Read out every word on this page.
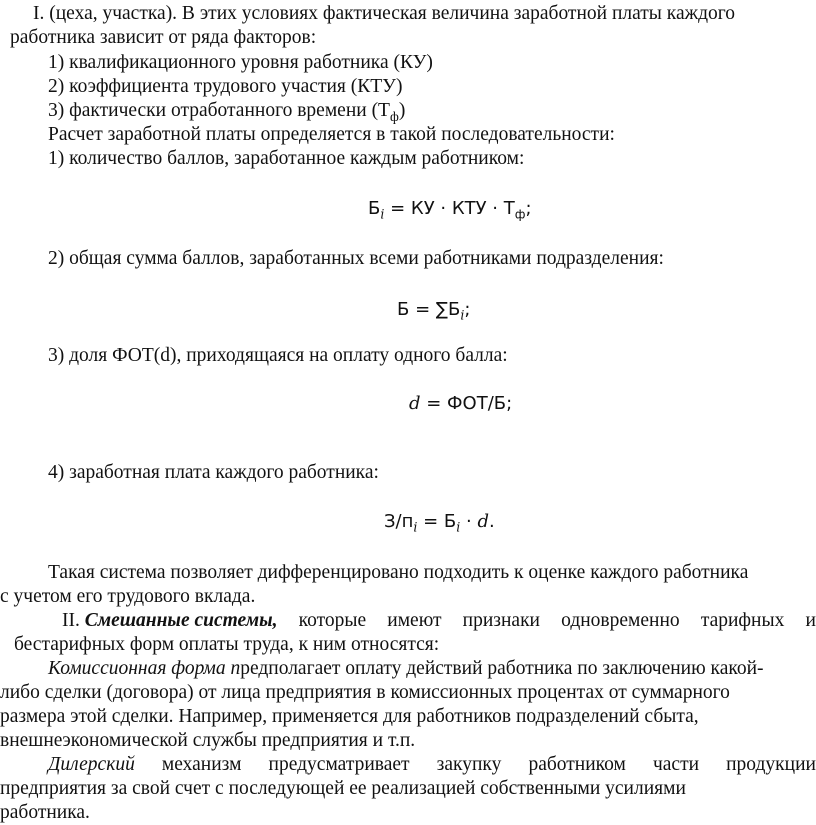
I. (цеха, участка). В этих условиях фактическая величина заработной платы каждого
работника зависит от ряда факторов:
1) квалификационного уровня работника (КУ)
2) коэффициента трудового участия (КТУ)
3) фактически отработанного времени $(Т_ф)$
Расчет заработной платы определяется в такой последовательности:
1) количество баллов, заработанное каждым работником:
$Б_i$ = КУ · КТУ · $Т_ф$;
2) общая сумма баллов, заработанных всеми работниками подразделения:
$Б = \sum Б_i$;
3) доля ФОТ(d), приходящаяся на оплату одного балла:
d = ФОТ/Б;
4) заработная плата каждого работника:
$З/п_i = Б_i \cdot d$.
Такая система позволяет дифференцировано подходить к оценке каждого работника
с учетом его трудового вклада.
II. Смешанные системы, которые имеют признаки одновременно тарифных и
бестарифных форм оплаты труда, к ним относятся:
Комиссионная форма предполагает оплату действий работника по заключению какой-
либо сделки (договора) от лица предприятия в комиссионных процентах от суммарного
размера этой сделки. Например, применяется для работников подразделений сбыта,
внешнеэкономической службы предприятия и т.п.
Дилерский механизм предусматривает закупку работником части продукции
предприятия за свой счет с последующей ее реализацией собственными усилиями
работника.
